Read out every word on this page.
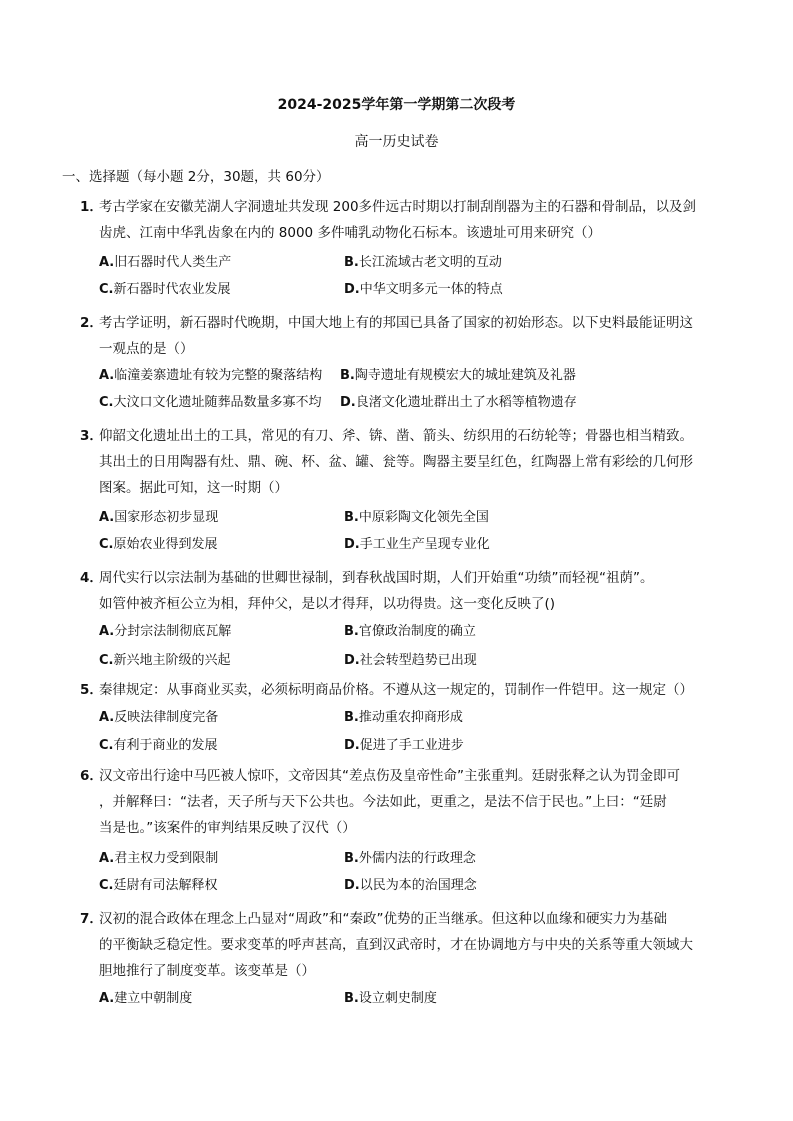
2024-2025学年第一学期第二次段考
高一历史试卷
一、选择题（每小题 2分，30题，共 60分）
1．
考古学家在安徽芜湖人字洞遗址共发现 200多件远古时期以打制刮削器为主的石器和骨制品，以及剑
齿虎、江南中华乳齿象在内的 8000 多件哺乳动物化石标本。该遗址可用来研究（）
A.旧石器时代人类生产	B.长江流域古老文明的互动
C.新石器时代农业发展	D.中华文明多元一体的特点
2．
考古学证明，新石器时代晚期，中国大地上有的邦国已具备了国家的初始形态。以下史料最能证明这
一观点的是（）
A.临潼姜寨遗址有较为完整的聚落结构 B.陶寺遗址有规模宏大的城址建筑及礼器
C.大汶口文化遗址随葬品数量多寡不均 D.良渚文化遗址群出土了水稻等植物遗存
3．
仰韶文化遗址出土的工具，常见的有刀、斧、锛、凿、箭头、纺织用的石纺轮等；骨器也相当精致。
其出土的日用陶器有灶、鼎、碗、杯、盆、罐、瓮等。陶器主要呈红色，红陶器上常有彩绘的几何形
图案。据此可知，这一时期（）
A.国家形态初步显现	B.中原彩陶文化领先全国
C.原始农业得到发展	D.手工业生产呈现专业化
4．
周代实行以宗法制为基础的世卿世禄制，到春秋战国时期，人们开始重“功绩”而轻视“祖荫”。
如管仲被齐桓公立为相，拜仲父，是以才得拜，以功得贵。这一变化反映了()
A.分封宗法制彻底瓦解	B.官僚政治制度的确立
C.新兴地主阶级的兴起	D.社会转型趋势已出现
5．
秦律规定：从事商业买卖，必须标明商品价格。不遵从这一规定的，罚制作一件铠甲。这一规定（）
A.反映法律制度完备	B.推动重农抑商形成
C.有利于商业的发展	D.促进了手工业进步
6．
汉文帝出行途中马匹被人惊吓，文帝因其“差点伤及皇帝性命”主张重判。廷尉张释之认为罚金即可
，并解释曰：“法者，天子所与天下公共也。今法如此，更重之，是法不信于民也。”上曰：“廷尉
当是也。”该案件的审判结果反映了汉代（）
A.君主权力受到限制	B.外儒内法的行政理念
C.廷尉有司法解释权	D.以民为本的治国理念
7．
汉初的混合政体在理念上凸显对“周政”和“秦政”优势的正当继承。但这种以血缘和硬实力为基础
的平衡缺乏稳定性。要求变革的呼声甚高，直到汉武帝时，才在协调地方与中央的关系等重大领域大
胆地推行了制度变革。该变革是（）
A.建立中朝制度	B.设立刺史制度
